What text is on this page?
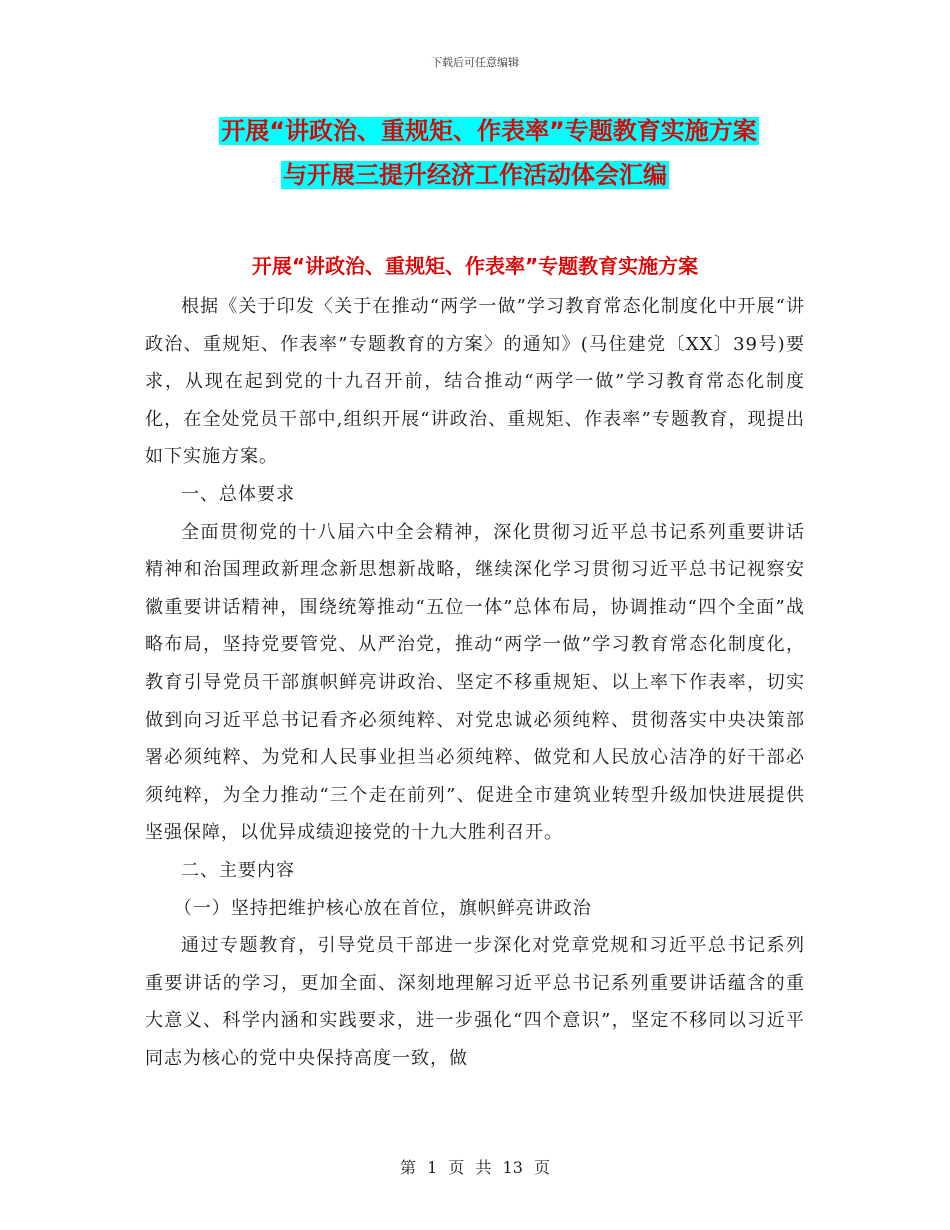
下载后可任意编辑
开展“讲政治、重规矩、作表率”专题教育实施方案
与开展三提升经济工作活动体会汇编
开展“讲政治、重规矩、作表率”专题教育实施方案

根据《关于印发〈关于在推动“两学一做”学习教育常态化制度化中开展“讲政治、重规矩、作表率”专题教育的方案〉的通知》(马住建党〔XX〕39号)要求，从现在起到党的十九召开前，结合推动“两学一做”学习教育常态化制度化，在全处党员干部中,组织开展“讲政治、重规矩、作表率”专题教育，现提出如下实施方案。

一、总体要求

全面贯彻党的十八届六中全会精神，深化贯彻习近平总书记系列重要讲话精神和治国理政新理念新思想新战略，继续深化学习贯彻习近平总书记视察安徽重要讲话精神，围绕统筹推动“五位一体”总体布局，协调推动“四个全面”战略布局，坚持党要管党、从严治党，推动“两学一做”学习教育常态化制度化，教育引导党员干部旗帜鲜亮讲政治、坚定不移重规矩、以上率下作表率，切实做到向习近平总书记看齐必须纯粹、对党忠诚必须纯粹、贯彻落实中央决策部署必须纯粹、为党和人民事业担当必须纯粹、做党和人民放心洁净的好干部必须纯粹，为全力推动“三个走在前列”、促进全市建筑业转型升级加快进展提供坚强保障，以优异成绩迎接党的十九大胜利召开。

二、主要内容

（一）坚持把维护核心放在首位，旗帜鲜亮讲政治

通过专题教育，引导党员干部进一步深化对党章党规和习近平总书记系列重要讲话的学习，更加全面、深刻地理解习近平总书记系列重要讲话蕴含的重大意义、科学内涵和实践要求，进一步强化“四个意识”，坚定不移同以习近平同志为核心的党中央保持高度一致，做

第 1 页 共 13 页
